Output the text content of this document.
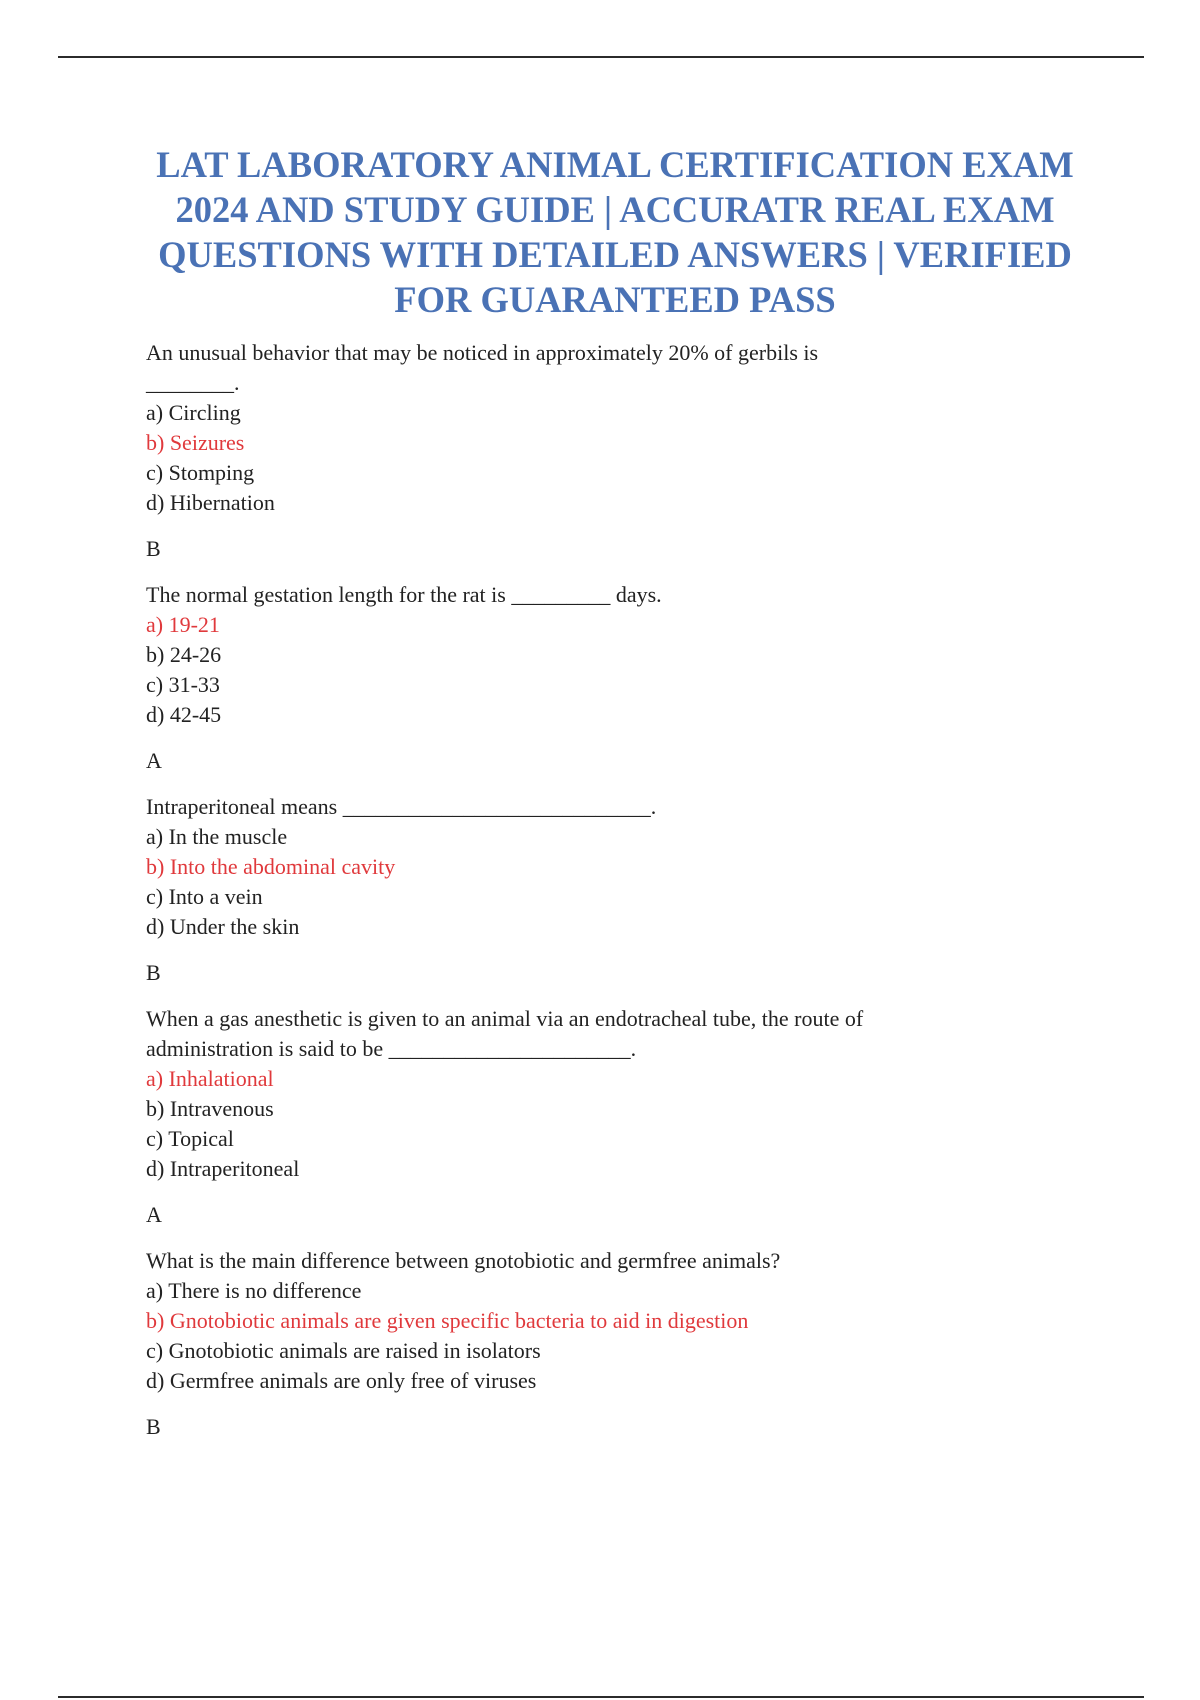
LAT LABORATORY ANIMAL CERTIFICATION EXAM 2024 AND STUDY GUIDE | ACCURATR REAL EXAM QUESTIONS WITH DETAILED ANSWERS | VERIFIED FOR GUARANTEED PASS

An unusual behavior that may be noticed in approximately 20% of gerbils is ________.

a) Circling
b) Seizures
c) Stomping
d) Hibernation

B

The normal gestation length for the rat is _________ days.

a) 19-21
b) 24-26
c) 31-33
d) 42-45

A

Intraperitoneal means ____________________________.

a) In the muscle
b) Into the abdominal cavity
c) Into a vein
d) Under the skin

B

When a gas anesthetic is given to an animal via an endotracheal tube, the route of administration is said to be ______________________.

a) Inhalational
b) Intravenous
c) Topical
d) Intraperitoneal

A

What is the main difference between gnotobiotic and germfree animals?

a) There is no difference
b) Gnotobiotic animals are given specific bacteria to aid in digestion
c) Gnotobiotic animals are raised in isolators
d) Germfree animals are only free of viruses

B
